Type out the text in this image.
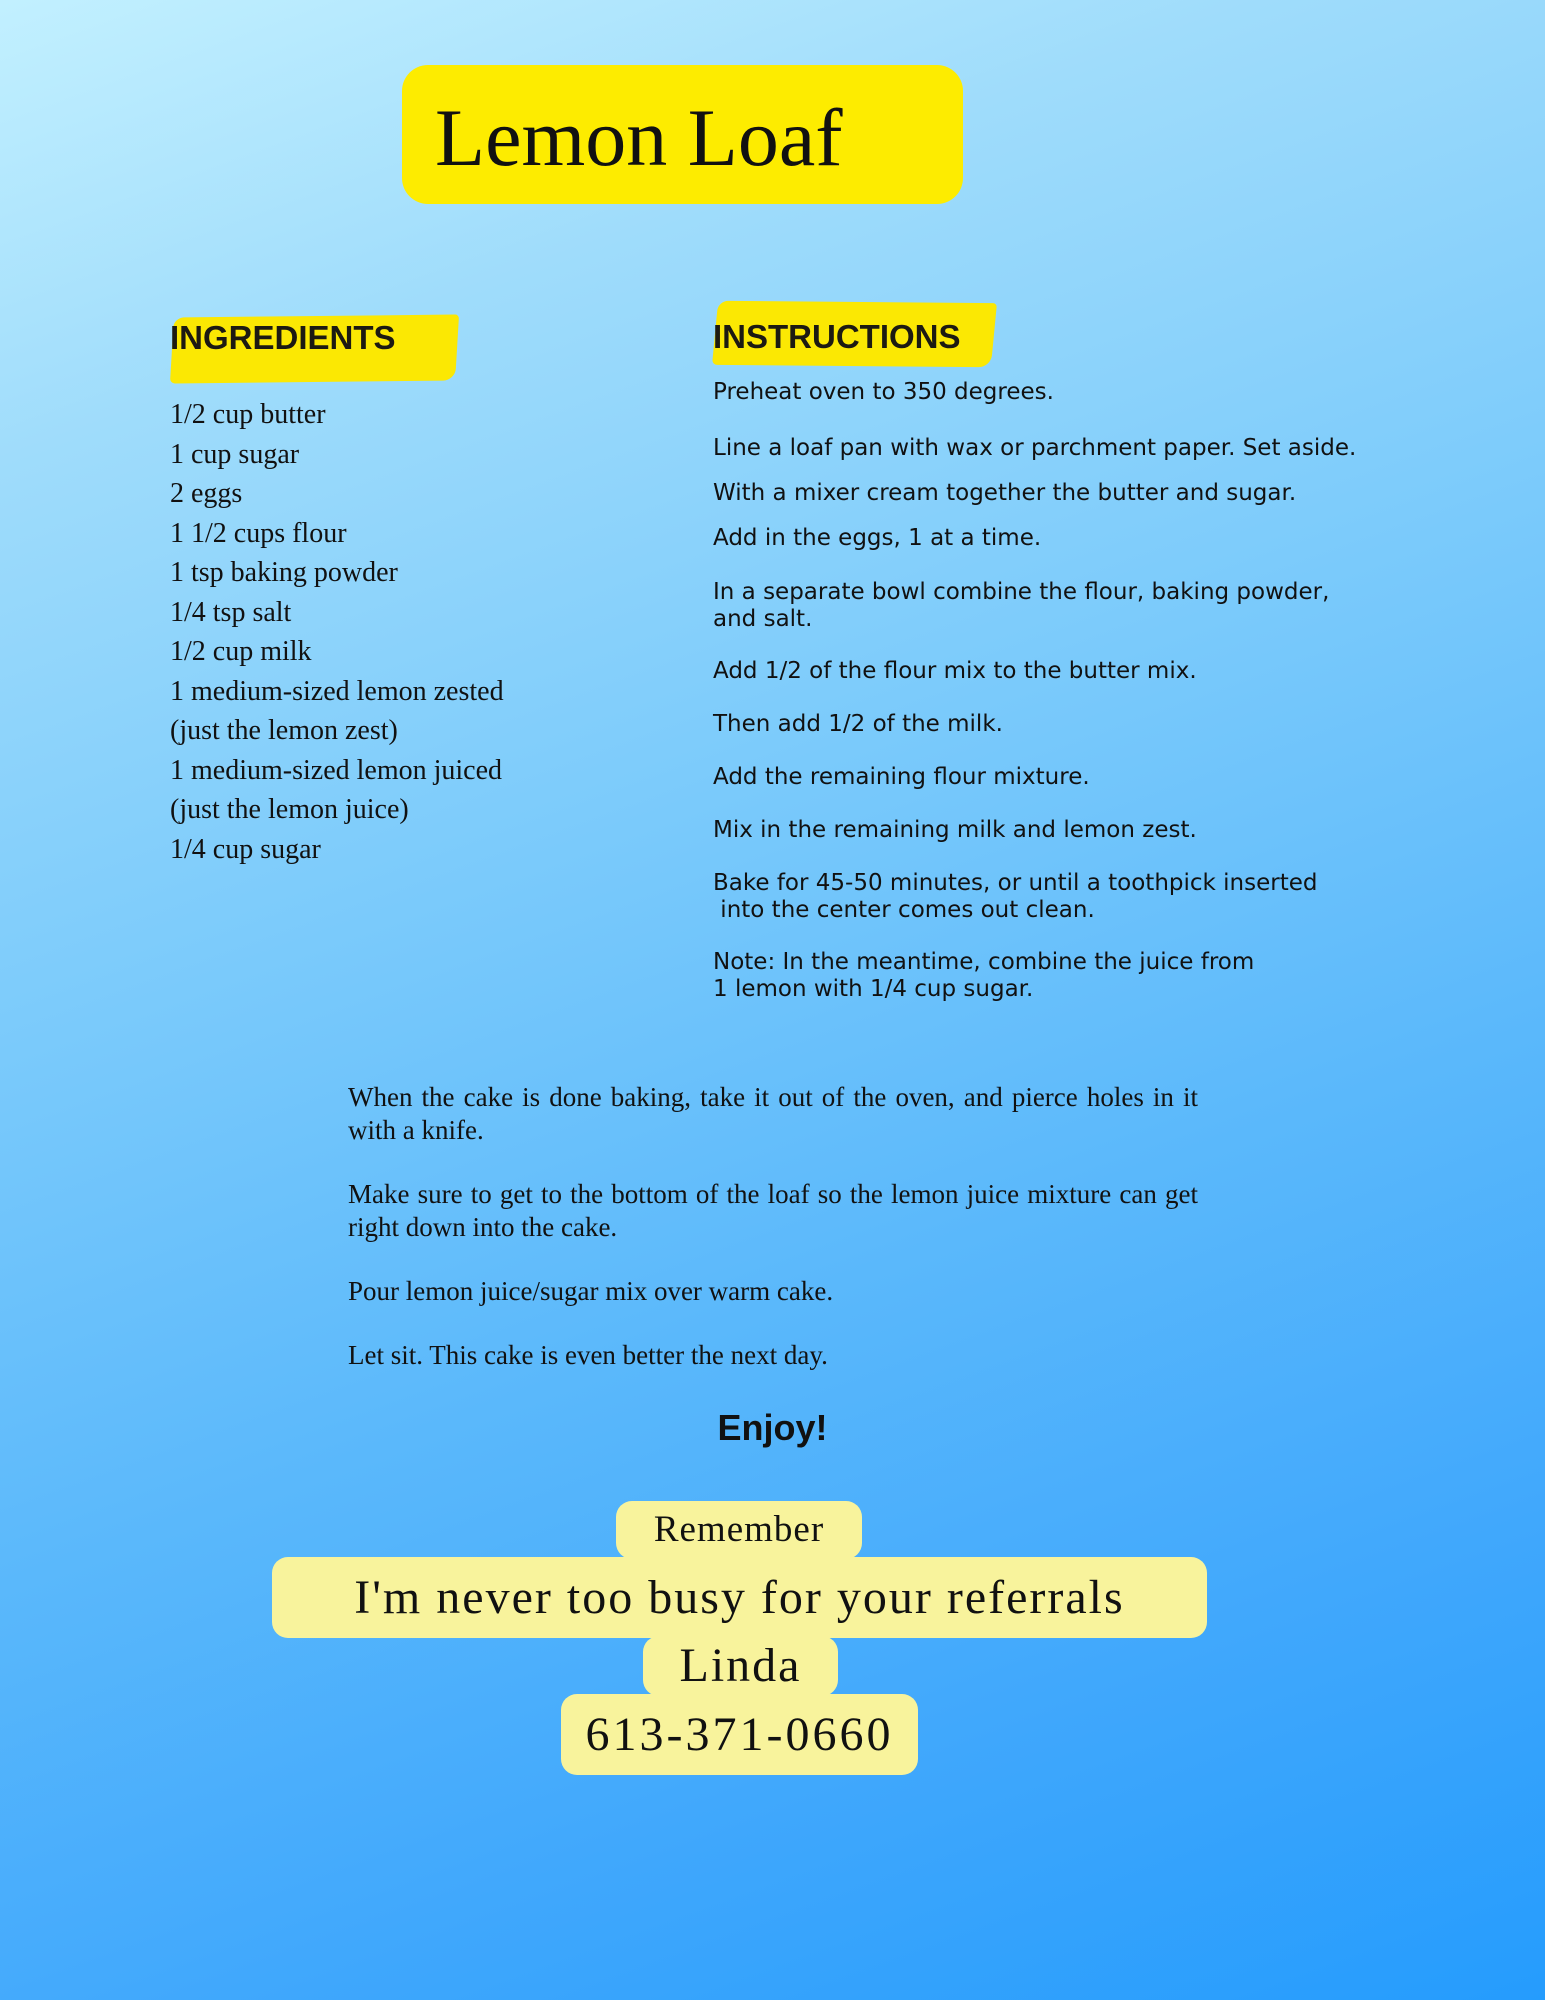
Lemon Loaf
INGREDIENTS	INSTRUCTIONS
1/2 cup butter
1 cup sugar
2 eggs
1 1/2 cups flour
1 tsp baking powder
1/4 tsp salt
1/2 cup milk
1 medium-sized lemon zested
(just the lemon zest)
1 medium-sized lemon juiced
(just the lemon juice)
1/4 cup sugar
Preheat oven to 350 degrees.
Line a loaf pan with wax or parchment paper. Set aside.
With a mixer cream together the butter and sugar.
Add in the eggs, 1 at a time.
In a separate bowl combine the flour, baking powder,
and salt.
Add 1/2 of the flour mix to the butter mix.
Then add 1/2 of the milk.
Add the remaining flour mixture.
Mix in the remaining milk and lemon zest.
Bake for 45-50 minutes, or until a toothpick inserted
into the center comes out clean.
Note: In the meantime, combine the juice from
1 lemon with 1/4 cup sugar.

When the cake is done baking, take it out of the oven, and pierce holes in it with a knife.

Make sure to get to the bottom of the loaf so the lemon juice mixture can get right down into the cake.

Pour lemon juice/sugar mix over warm cake.

Let sit. This cake is even better the next day.

Enjoy!
Remember
I'm never too busy for your referrals
Linda
613-371-0660
